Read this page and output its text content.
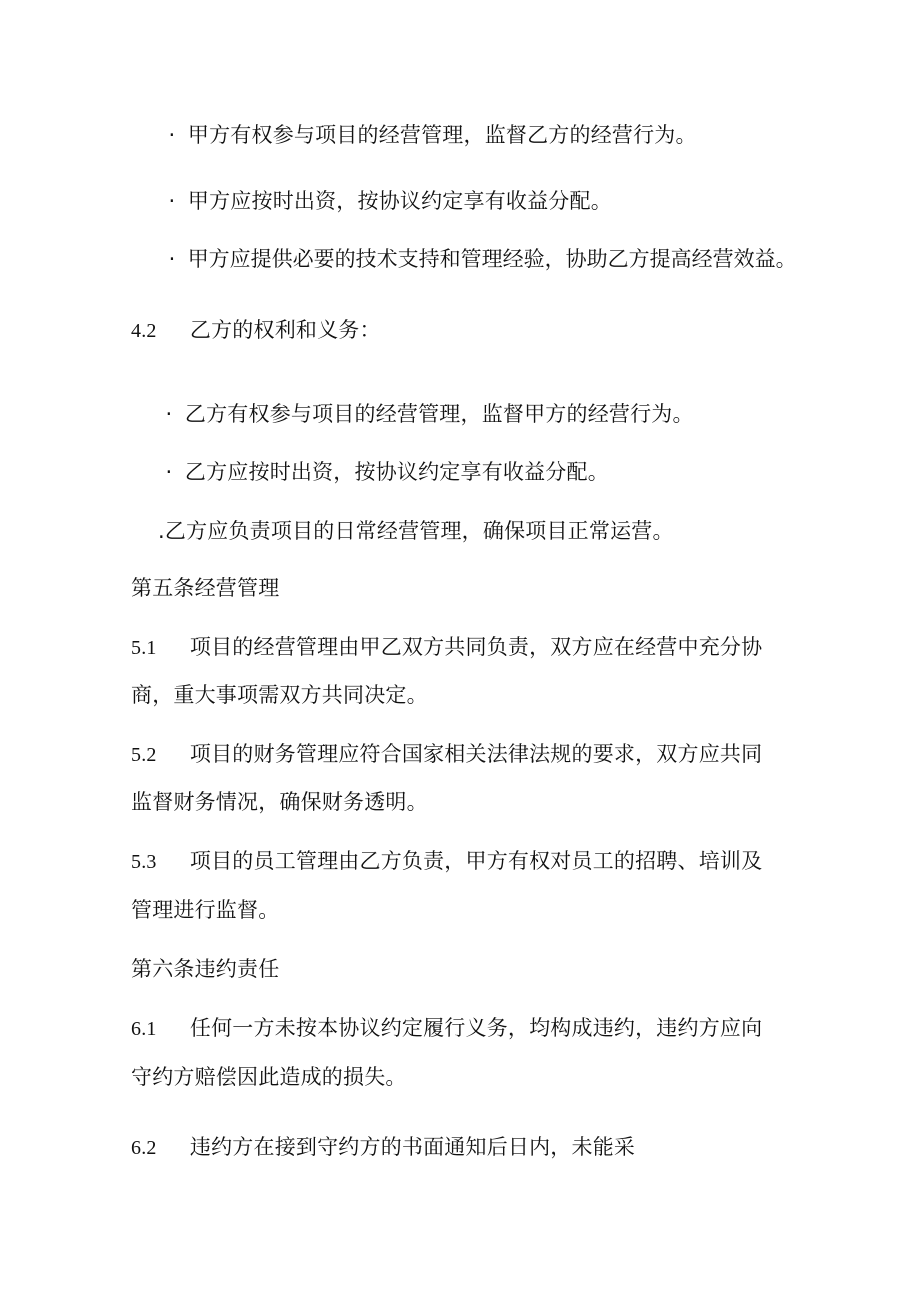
· 甲方有权参与项目的经营管理，监督乙方的经营行为。
· 甲方应按时出资，按协议约定享有收益分配。
· 甲方应提供必要的技术支持和管理经验，协助乙方提高经营效益。
4.2 乙方的权利和义务：
· 乙方有权参与项目的经营管理，监督甲方的经营行为。
· 乙方应按时出资，按协议约定享有收益分配。
.乙方应负责项目的日常经营管理，确保项目正常运营。
第五条经营管理
5.1 项目的经营管理由甲乙双方共同负责，双方应在经营中充分协
商，重大事项需双方共同决定。
5.2 项目的财务管理应符合国家相关法律法规的要求，双方应共同
监督财务情况，确保财务透明。
5.3 项目的员工管理由乙方负责，甲方有权对员工的招聘、培训及
管理进行监督。
第六条违约责任
6.1 任何一方未按本协议约定履行义务，均构成违约，违约方应向
守约方赔偿因此造成的损失。
6.2 违约方在接到守约方的书面通知后日内，未能采
